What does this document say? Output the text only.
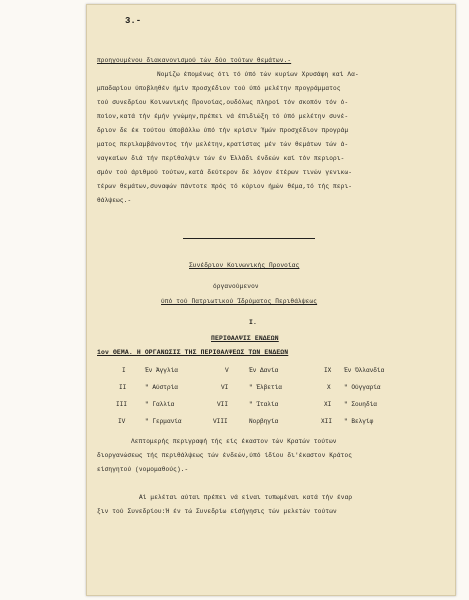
3.-
προηγουμένου διακανονισμού τών δύο τούτων θεμάτων.-
Νομίζω έπομένως ότι τό ύπό τών κυρίων Χρυσάφη καί Λα-
μπαδαρίου ύποβληθέν ήμίν προσχέδιον τού ύπό μελέτην προγράμματος
τού συνεδρίου Κοινωνικής Προνοίας,ουδόλως πληροί τόν σκοπόν τόν ό-
ποίον,κατά τήν έμήν γνώμην,πρέπει νά έπιδιώξη τό ύπό μελέτην συνέ-
δριον δε έκ τούτου ύποβάλλω ύπό τήν κρίσιν Ύμών προσχέδιον προγράμ
ματος περιλαμβάνοντος τήν μελέτην,κρατίστας μέν τών θεμάτων τών ά-
ναγκαίων διά τήν περίθαλψιν τών έν Έλλάδι ένδεών καί τόν περιορι-
σμόν τού άριθμού τούτων,κατά δεύτερον δε λόγον έτέρων τινών γενικω-
τέρων θεμάτων,συναφών πάντοτε πρός τό κύριον ήμών θέμα,τό τής περι-
θάλψεως.-
Συνέδριον Κοινωνικής Προνοίας
όργανούμενον
ύπό τού Πατριωτικού Ίδρύματος Περιθάλψεως
I.
ΠΕΡΙΘΑΛΨΙΣ ΕΝΔΕΩΝ
1ον ΘΕΜΑ. Η ΟΡΓΑΝΩΣΙΣ ΤΗΣ ΠΕΡΙΘΑΛΨΕΩΣ ΤΩΝ ΕΝΔΕΩΝ
I	Έν Άγγλία	V	Έν Δανία	IX Έν Όλλανδία
II	" Αύστρία	VI	" Έλβετία	X " Ούγγαρία
III	" Γαλλία	VII	" Ίταλία	XI " Σουηδία
IV	" Γερμανία	VIII	Νορβηγία	XII " Βελγίφ
Λεπτομερής περιγραφή τής είς έκαστον τών Κρατών τούτων
διοργανώσεως τής περιθάλψεως τών ένδεών,ύπό ίδίου δι'έκαστον Κράτος
είσηγητού (νομομαθούς).-
Αί μελέται αύται πρέπει νά είναι τυπωμέναι κατά τήν έναρ
ξιν τού Συνεδρίου:Ή έν τώ Συνεδρίω είσήγησις τών μελετών τούτων
